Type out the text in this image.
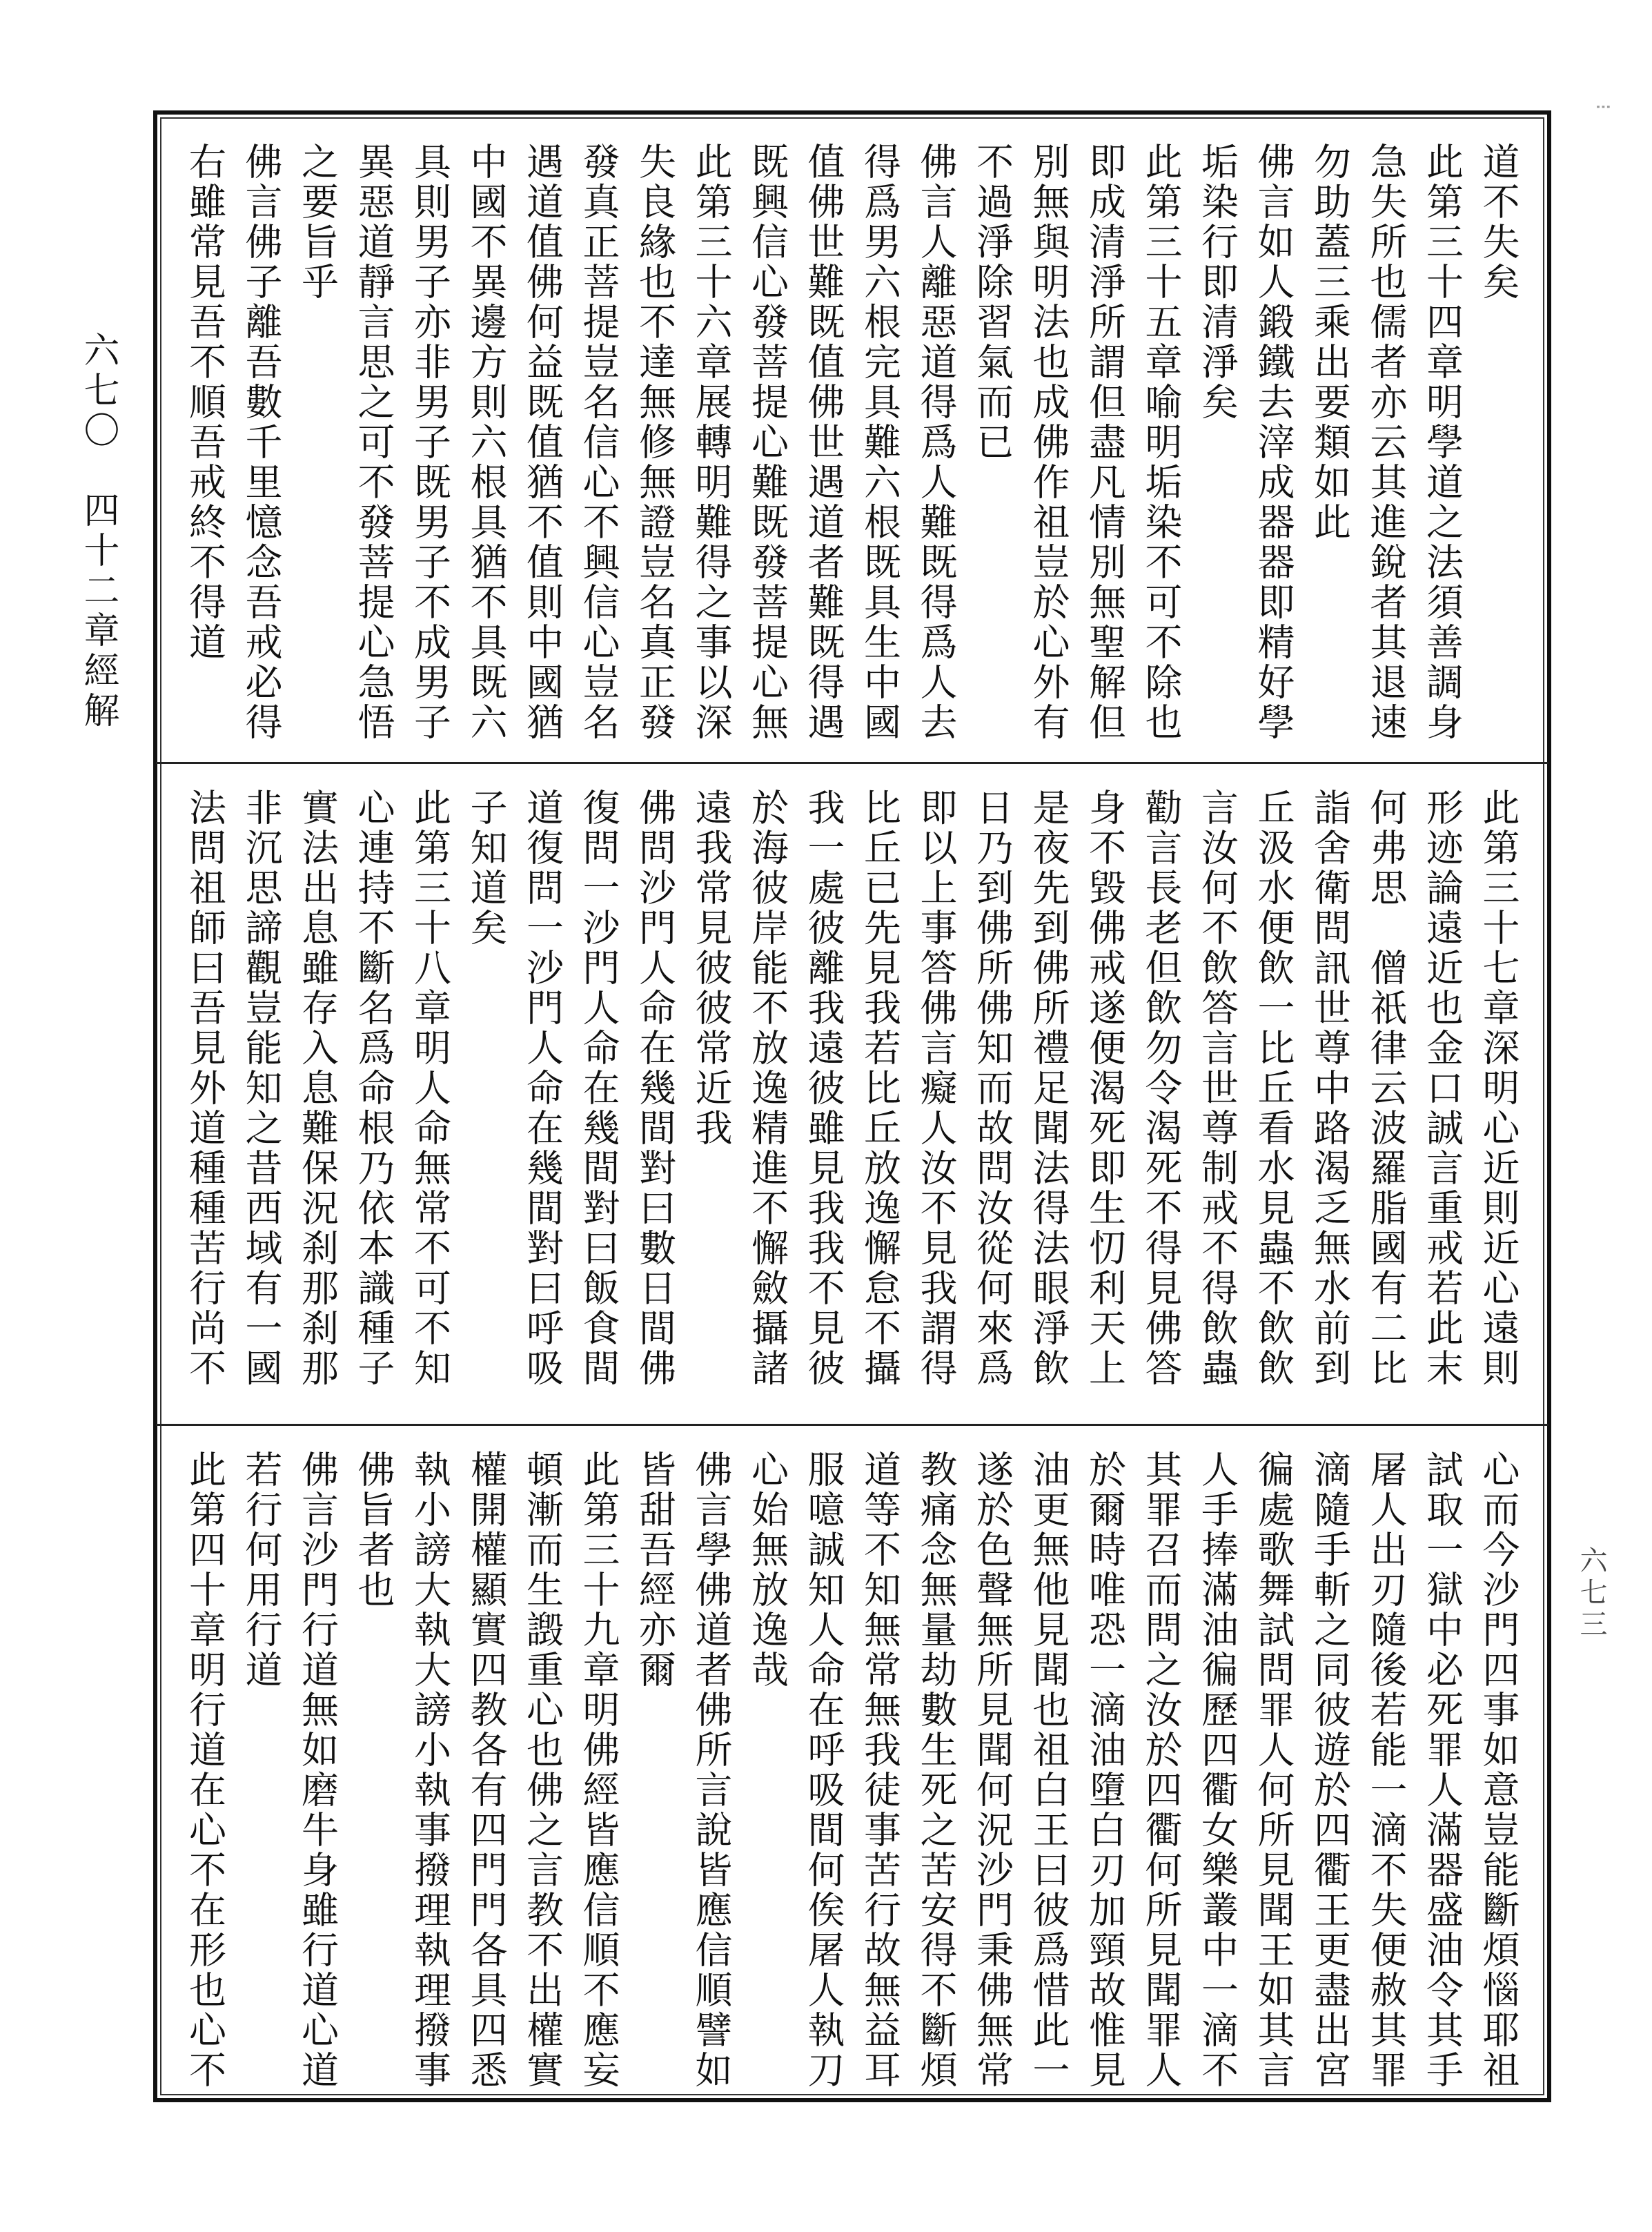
⁝
六七〇　四十二章經解
六七三
道不失矣
此第三十四章明學道之法須善調身
急失所也儒者亦云其進銳者其退速
勿助蓋三乘出要類如此
佛言如人鍛鐵去滓成器器即精好學
垢染行即清淨矣
此第三十五章喻明垢染不可不除也
即成清淨所謂但盡凡情別無聖解但
別無與明法也成佛作祖豈於心外有
不過淨除習氣而已
佛言人離惡道得爲人難既得爲人去
得爲男六根完具難六根既具生中國
值佛世難既值佛世遇道者難既得遇
既興信心發菩提心難既發菩提心無
此第三十六章展轉明難得之事以深
失良緣也不達無修無證豈名真正發
發真正菩提豈名信心不興信心豈名
遇道值佛何益既值猶不值則中國猶
中國不異邊方則六根具猶不具既六
具則男子亦非男子既男子不成男子
異惡道靜言思之可不發菩提心急悟
之要旨乎
佛言佛子離吾數千里憶念吾戒必得
右雖常見吾不順吾戒終不得道
此第三十七章深明心近則近心遠則
形迹論遠近也金口誠言重戒若此末
何弗思　僧祇律云波羅脂國有二比
詣舍衛問訊世尊中路渴乏無水前到
丘汲水便飲一比丘看水見蟲不飲飲
言汝何不飲答言世尊制戒不得飲蟲
勸言長老但飲勿令渴死不得見佛答
身不毀佛戒遂便渴死即生忉利天上
是夜先到佛所禮足聞法得法眼淨飲
日乃到佛所佛知而故問汝從何來爲
即以上事答佛言癡人汝不見我謂得
比丘已先見我若比丘放逸懈怠不攝
我一處彼離我遠彼雖見我我不見彼
於海彼岸能不放逸精進不懈斂攝諸
遠我常見彼彼常近我
佛問沙門人命在幾間對曰數日間佛
復問一沙門人命在幾間對曰飯食間
道復問一沙門人命在幾間對曰呼吸
子知道矣
此第三十八章明人命無常不可不知
心連持不斷名爲命根乃依本識種子
實法出息雖存入息難保況刹那刹那
非沉思諦觀豈能知之昔西域有一國
法問祖師曰吾見外道種種苦行尚不
心而今沙門四事如意豈能斷煩惱耶祖
試取一獄中必死罪人滿器盛油令其手
屠人出刃隨後若能一滴不失便赦其罪
滴隨手斬之同彼遊於四衢王更盡出宮
徧處歌舞試問罪人何所見聞王如其言
人手捧滿油徧歷四衢女樂叢中一滴不
其罪召而問之汝於四衢何所見聞罪人
於爾時唯恐一滴油墮白刃加頸故惟見
油更無他見聞也祖白王曰彼爲惜此一
遂於色聲無所見聞何況沙門秉佛無常
教痛念無量劫數生死之苦安得不斷煩
道等不知無常無我徒事苦行故無益耳
服噫誠知人命在呼吸間何俟屠人執刀
心始無放逸哉
佛言學佛道者佛所言說皆應信順譬如
皆甜吾經亦爾
此第三十九章明佛經皆應信順不應妄
頓漸而生譭重心也佛之言教不出權實
權開權顯實四教各有四門門各具四悉
執小謗大執大謗小執事撥理執理撥事
佛旨者也
佛言沙門行道無如磨牛身雖行道心道
若行何用行道
此第四十章明行道在心不在形也心不
